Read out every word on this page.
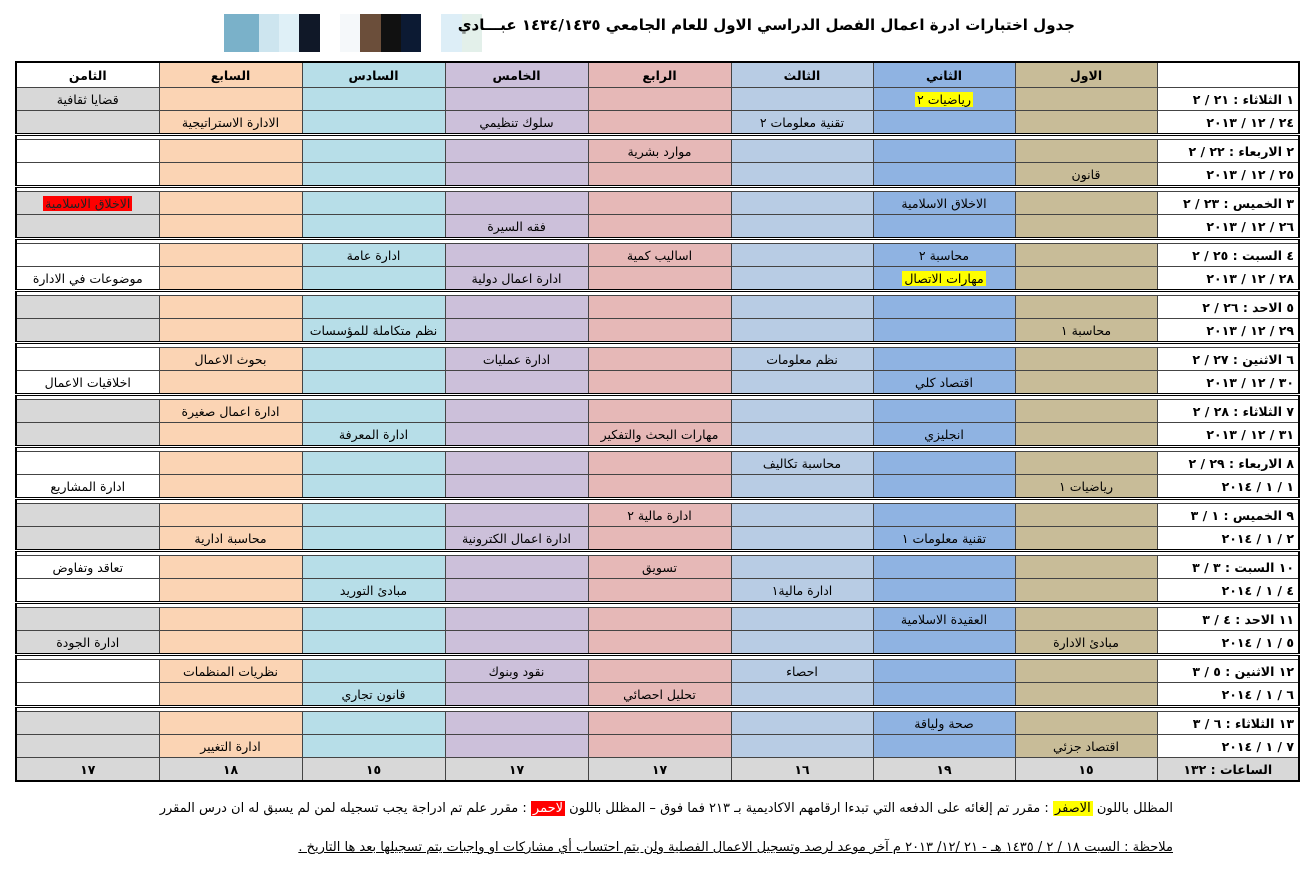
جدول اختبارات ادرة اعمال الفصل الدراسي الاول للعام الجامعي ١٤٣٤/١٤٣٥ عبـــادي
	الاول	الثاني	الثالث	الرابع	الخامس	السادس	السابع	الثامن
١ الثلاثاء : ٢١ / ٢		رياضيات ٢						قضايا ثقافية
٢٤ / ١٢ / ٢٠١٣			تقنية معلومات ٢		سلوك تنظيمي		الادارة الاستراتيجية	

٢ الاربعاء : ٢٢ / ٢				موارد بشرية				
٢٥ / ١٢ / ٢٠١٣	قانون							

٣ الخميس : ٢٣ / ٢		الاخلاق الاسلامية						الاخلاق الاسلامية
٢٦ / ١٢ / ٢٠١٣					فقه السيرة			

٤ السبت : ٢٥ / ٢		محاسبة ٢		اساليب كمية		ادارة عامة		
٢٨ / ١٢ / ٢٠١٣		مهارات الاتصال			ادارة اعمال دولية			موضوعات في الادارة

٥ الاحد : ٢٦ / ٢								
٢٩ / ١٢ / ٢٠١٣	محاسبة ١					نظم متكاملة للمؤسسات		

٦ الاثنين : ٢٧ / ٢			نظم معلومات		ادارة عمليات		بحوث الاعمال	
٣٠ / ١٢ / ٢٠١٣		اقتصاد كلي						اخلاقيات الاعمال

٧ الثلاثاء : ٢٨ / ٢							ادارة اعمال صغيرة	
٣١ / ١٢ / ٢٠١٣		انجليزي		مهارات البحث والتفكير		ادارة المعرفة		

٨ الاربعاء : ٢٩ / ٢			محاسبة تكاليف					
١ / ١ / ٢٠١٤	رياضيات ١							ادارة المشاريع

٩ الخميس : ١ / ٣				ادارة مالية ٢				
٢ / ١ / ٢٠١٤		تقنية معلومات ١			ادارة اعمال الكترونية		محاسبة ادارية	

١٠ السبت : ٣ / ٣				تسويق				تعاقد وتفاوض
٤ / ١ / ٢٠١٤			ادارة مالية١			مبادئ التوريد		

١١ الاحد : ٤ / ٣		العقيدة الاسلامية						
٥ / ١ / ٢٠١٤	مبادئ الادارة							ادارة الجودة

١٢ الاثنين : ٥ / ٣			احصاء		نقود وبنوك		نظريات المنظمات	
٦ / ١ / ٢٠١٤				تحليل احصائي		قانون تجاري		

١٣ الثلاثاء : ٦ / ٣		صحة ولياقة						
٧ / ١ / ٢٠١٤	اقتصاد جزئي						ادارة التغيير	
الساعات : ١٣٢	١٥	١٩	١٦	١٧	١٧	١٥	١٨	١٧
المظلل باللون الاصفر : مقرر تم إلغائه على الدفعه التي تبدءا ارقامهم الاكاديمية بـ ٢١٣ فما فوق – المظلل باللون لاحمر : مقرر علم تم ادراجة يجب تسجيله لمن لم يسبق له ان درس المقرر
ملاحظة : السبت ١٨ / ٢ / ١٤٣٥ هـ - ٢١ /١٢/ ٢٠١٣ م آخر موعد لرصد وتسجيل الاعمال الفصلية ولن يتم احتساب أي مشاركات او واجبات يتم تسجيلها بعد ها التاريخ .
